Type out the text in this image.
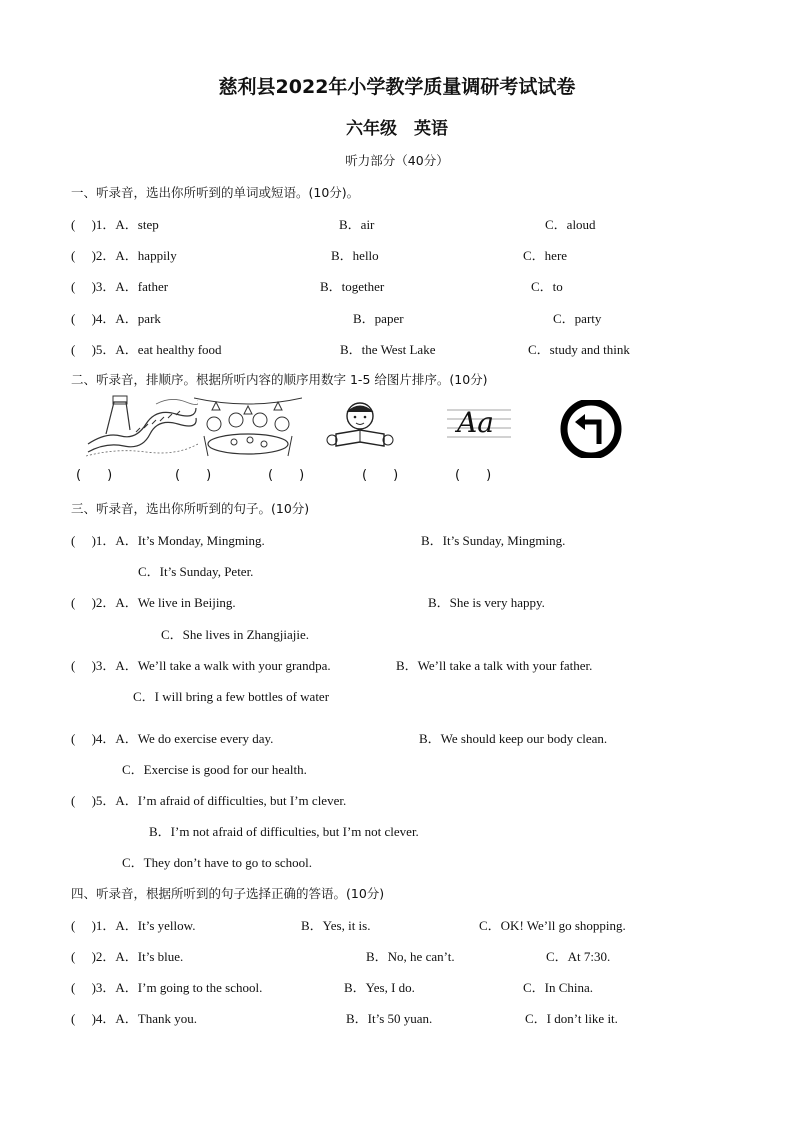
慈利县2022年小学教学质量调研考试试卷
六年级　英语
听力部分（40分）
一、听录音，选出你所听到的单词或短语。(10分)。
(　 )1．A．step	B．air	C．aloud
(　 )2．A．happily	B．hello	C．here
(　 )3．A．father	B．together	C．to
(　 )4．A．park	B．paper	C．party
(　 )5．A．eat healthy food	B．the West Lake	C．study and think
二、听录音，排顺序。根据所听内容的顺序用数字 1-5 给图片排序。(10分)
Aa
(　　)	(　　)	(　　)	(　　)	(　　)
三、听录音，选出你所听到的句子。(10分)
(　 )1．A．It’s Monday, Mingming.	B．It’s Sunday, Mingming.
C．It’s Sunday, Peter.
(　 )2．A．We live in Beijing.	B．She is very happy.
C．She lives in Zhangjiajie.
(　 )3．A．We’ll take a walk with your grandpa.	B．We’ll take a talk with your father.
C．I will bring a few bottles of water
(　 )4．A．We do exercise every day.	B．We should keep our body clean.
C．Exercise is good for our health.
(　 )5．A．I’m afraid of difficulties, but I’m clever.
B．I’m not afraid of difficulties, but I’m not clever.
C．They don’t have to go to school.
四、听录音，根据所听到的句子选择正确的答语。(10分)
(　 )1．A．It’s yellow.	B．Yes, it is.	C．OK! We’ll go shopping.
(　 )2．A．It’s blue.	B．No, he can’t.	C．At 7:30.
(　 )3．A．I’m going to the school.	B．Yes, I do.	C．In China.
(　 )4．A．Thank you.	B．It’s 50 yuan.	C．I don’t like it.
